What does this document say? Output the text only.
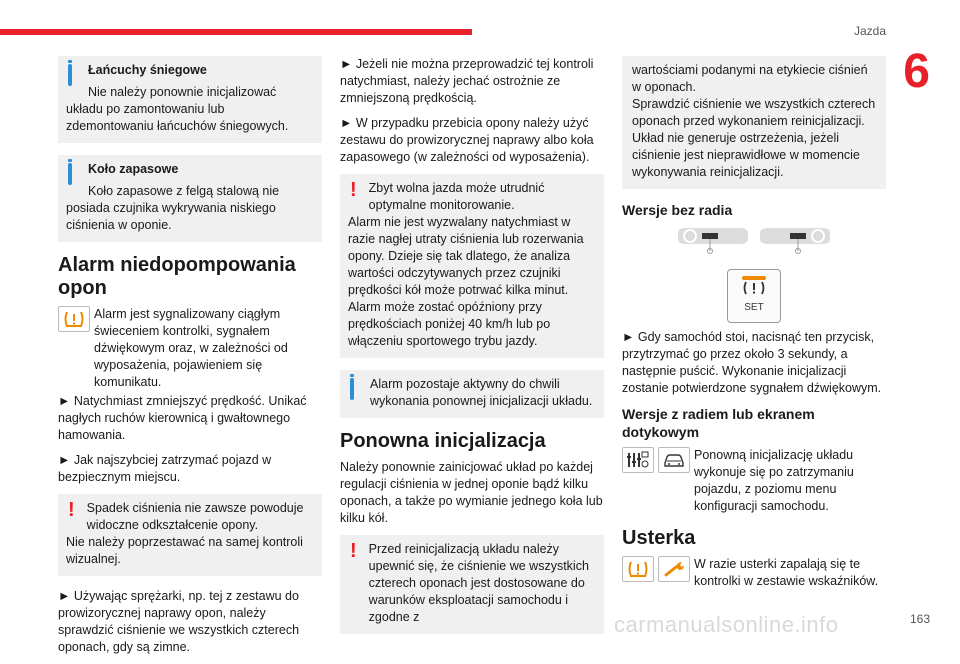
Jazda
6

Łańcuchy śniegowe

Nie należy ponownie inicjalizować układu po zamontowaniu lub zdemontowaniu łańcuchów śniegowych.

Koło zapasowe

Koło zapasowe z felgą stalową nie posiada czujnika wykrywania niskiego ciśnienia w oponie.

Alarm niedopompowania opon

Alarm jest sygnalizowany ciągłym świeceniem kontrolki, sygnałem dźwiękowym oraz, w zależności od wyposażenia, pojawieniem się komunikatu.

► Natychmiast zmniejszyć prędkość. Unikać nagłych ruchów kierownicą i gwałtownego hamowania.

► Jak najszybciej zatrzymać pojazd w bezpiecznym miejscu.

! Spadek ciśnienia nie zawsze powoduje widoczne odkształcenie opony.

Nie należy poprzestawać na samej kontroli wizualnej.

► Używając sprężarki, np. tej z zestawu do prowizorycznej naprawy opon, należy sprawdzić ciśnienie we wszystkich czterech oponach, gdy są zimne.

► Jeżeli nie można przeprowadzić tej kontroli natychmiast, należy jechać ostrożnie ze zmniejszoną prędkością.

► W przypadku przebicia opony należy użyć zestawu do prowizorycznej naprawy albo koła zapasowego (w zależności od wyposażenia).

! Zbyt wolna jazda może utrudnić optymalne monitorowanie.

Alarm nie jest wyzwalany natychmiast w razie nagłej utraty ciśnienia lub rozerwania opony. Dzieje się tak dlatego, że analiza wartości odczytywanych przez czujniki prędkości kół może potrwać kilka minut.

Alarm może zostać opóźniony przy prędkościach poniżej 40 km/h lub po włączeniu sportowego trybu jazdy.

Alarm pozostaje aktywny do chwili wykonania ponownej inicjalizacji układu.

Ponowna inicjalizacja

Należy ponownie zainicjować układ po każdej regulacji ciśnienia w jednej oponie bądź kilku oponach, a także po wymianie jednego koła lub kilku kół.

! Przed reinicjalizacją układu należy upewnić się, że ciśnienie we wszystkich czterech oponach jest dostosowane do warunków eksploatacji samochodu i zgodne z

wartościami podanymi na etykiecie ciśnień w oponach.

Sprawdzić ciśnienie we wszystkich czterech oponach przed wykonaniem reinicjalizacji.

Układ nie generuje ostrzeżenia, jeżeli ciśnienie jest nieprawidłowe w momencie wykonywania reinicjalizacji.

Wersje bez radia
SET

► Gdy samochód stoi, nacisnąć ten przycisk, przytrzymać go przez około 3 sekundy, a następnie puścić. Wykonanie inicjalizacji zostanie potwierdzone sygnałem dźwiękowym.

Wersje z radiem lub ekranem dotykowym

Ponowną inicjalizację układu wykonuje się po zatrzymaniu pojazdu, z poziomu menu konfiguracji samochodu.

Usterka

W razie usterki zapalają się te kontrolki w zestawie wskaźników.

carmanualsonline.info	163
